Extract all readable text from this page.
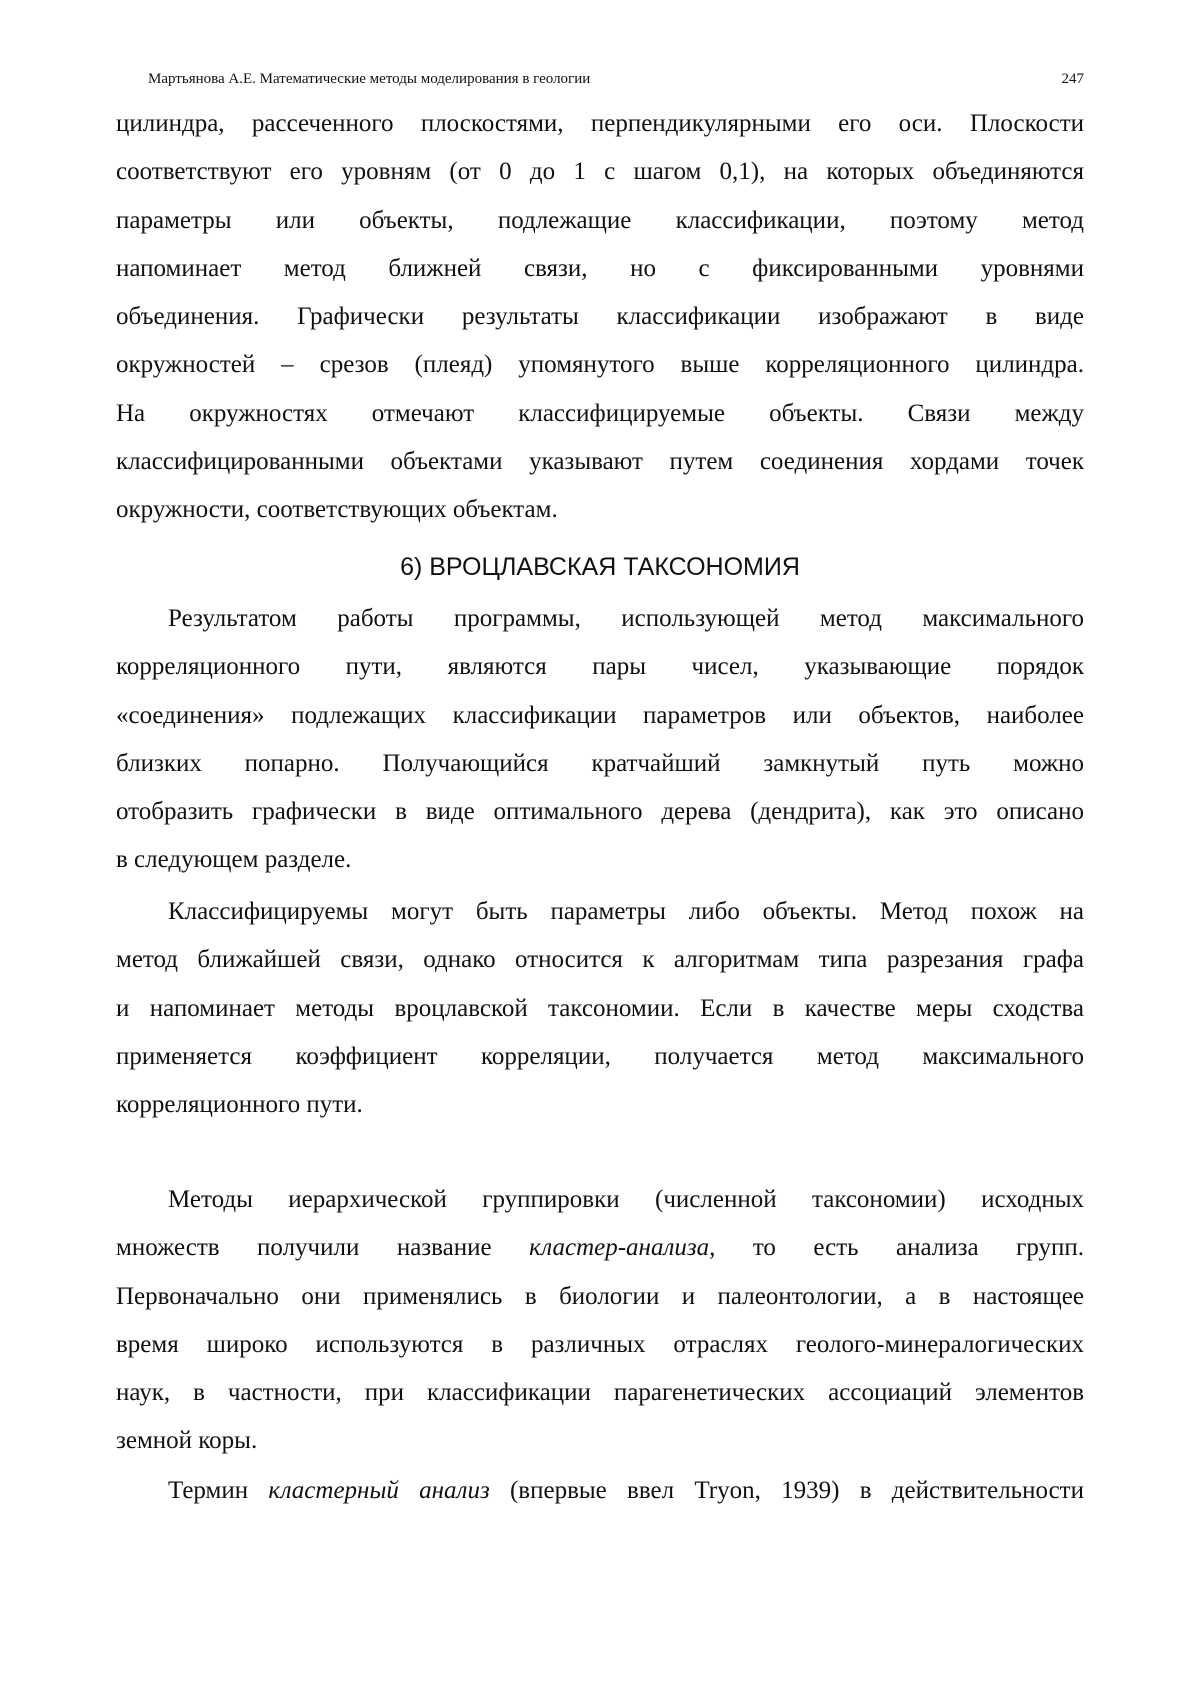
Мартьянова А.Е. Математические методы моделирования в геологии	247
цилиндра, рассеченного плоскостями, перпендикулярными его оси. Плоскости
соответствуют его уровням (от 0 до 1 с шагом 0,1), на которых объединяются
параметры или объекты, подлежащие классификации, поэтому метод
напоминает метод ближней связи, но с фиксированными уровнями
объединения. Графически результаты классификации изображают в виде
окружностей – срезов (плеяд) упомянутого выше корреляционного цилиндра.
На окружностях отмечают классифицируемые объекты. Связи между
классифицированными объектами указывают путем соединения хордами точек
окружности, соответствующих объектам.
6) ВРОЦЛАВСКАЯ ТАКСОНОМИЯ
Результатом работы программы, использующей метод максимального
корреляционного пути, являются пары чисел, указывающие порядок
«соединения» подлежащих классификации параметров или объектов, наиболее
близких попарно. Получающийся кратчайший замкнутый путь можно
отобразить графически в виде оптимального дерева (дендрита), как это описано
в следующем разделе.
Классифицируемы могут быть параметры либо объекты. Метод похож на
метод ближайшей связи, однако относится к алгоритмам типа разрезания графа
и напоминает методы вроцлавской таксономии. Если в качестве меры сходства
применяется коэффициент корреляции, получается метод максимального
корреляционного пути.
Методы иерархической группировки (численной таксономии) исходных
множеств получили название кластер-анализа, то есть анализа групп.
Первоначально они применялись в биологии и палеонтологии, а в настоящее
время широко используются в различных отраслях геолого-минералогических
наук, в частности, при классификации парагенетических ассоциаций элементов
земной коры.
Термин кластерный анализ (впервые ввел Tryon, 1939) в действительности
